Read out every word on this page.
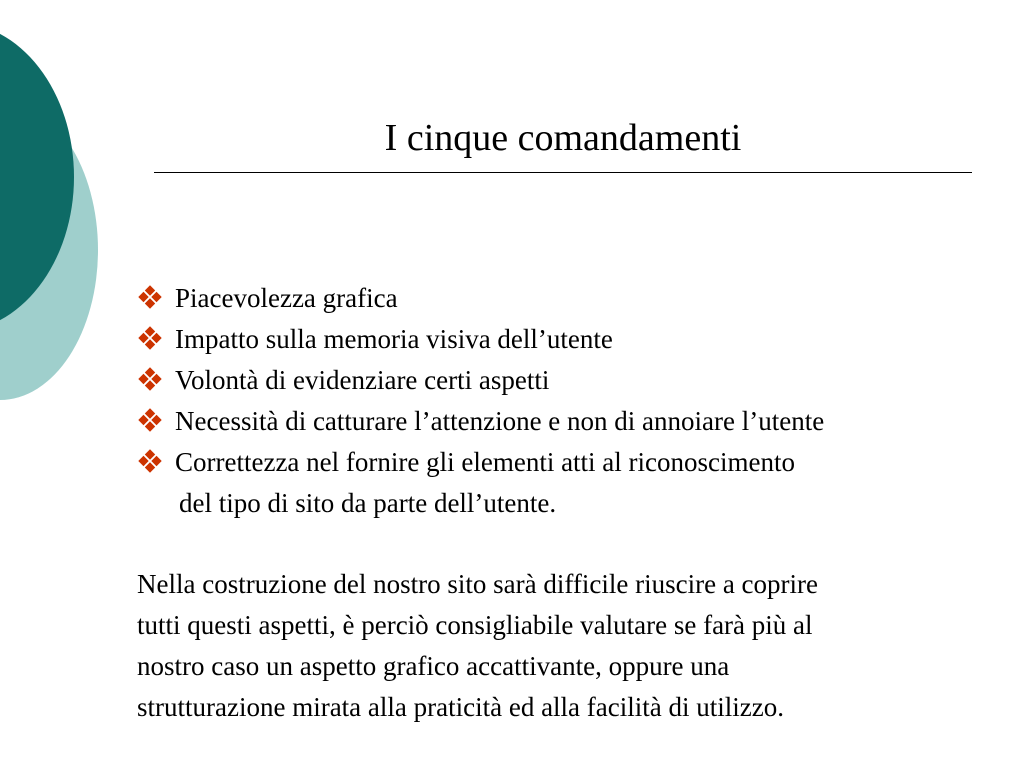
I cinque comandamenti
Piacevolezza grafica
Impatto sulla memoria visiva dell’utente
Volontà di evidenziare certi aspetti
Necessità di catturare l’attenzione e non di annoiare l’utente
Correttezza nel fornire gli elementi atti al riconoscimento
del tipo di sito da parte dell’utente.

Nella costruzione del nostro sito sarà difficile riuscire a coprire
tutti questi aspetti, è perciò consigliabile valutare se farà più al
nostro caso un aspetto grafico accattivante, oppure una
strutturazione mirata alla praticità ed alla facilità di utilizzo.
